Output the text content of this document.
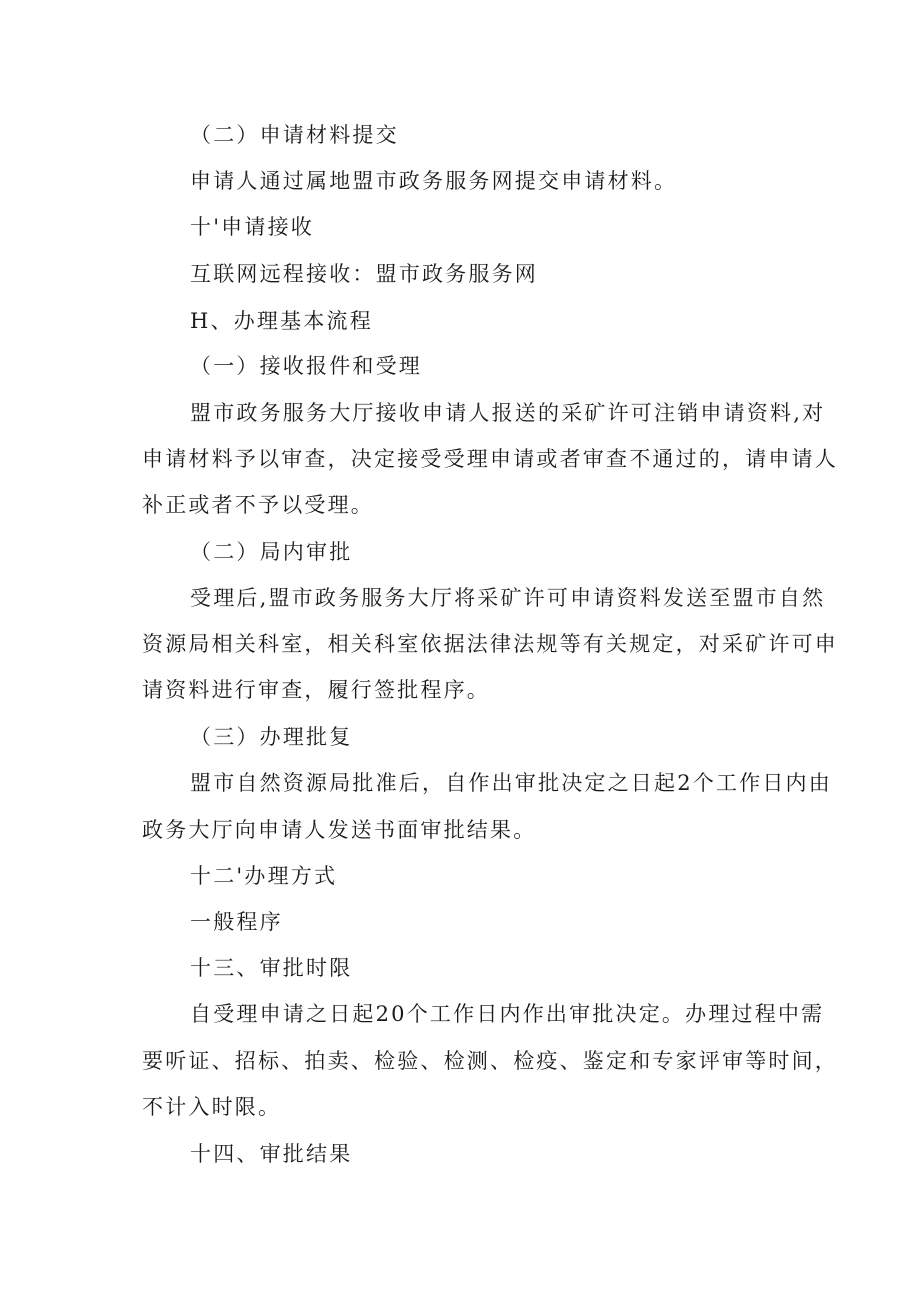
（二）申请材料提交
申请人通过属地盟市政务服务网提交申请材料。
十'申请接收
互联网远程接收：盟市政务服务网
H、办理基本流程
（一）接收报件和受理
盟市政务服务大厅接收申请人报送的采矿许可注销申请资料,对
申请材料予以审查，决定接受受理申请或者审查不通过的，请申请人
补正或者不予以受理。
（二）局内审批
受理后,盟市政务服务大厅将采矿许可申请资料发送至盟市自然
资源局相关科室，相关科室依据法律法规等有关规定，对采矿许可申
请资料进行审查，履行签批程序。
（三）办理批复
盟市自然资源局批准后，自作出审批决定之日起2个工作日内由
政务大厅向申请人发送书面审批结果。
十二'办理方式
一般程序
十三、审批时限
自受理申请之日起20个工作日内作出审批决定。办理过程中需
要听证、招标、拍卖、检验、检测、检疫、鉴定和专家评审等时间，
不计入时限。
十四、审批结果
